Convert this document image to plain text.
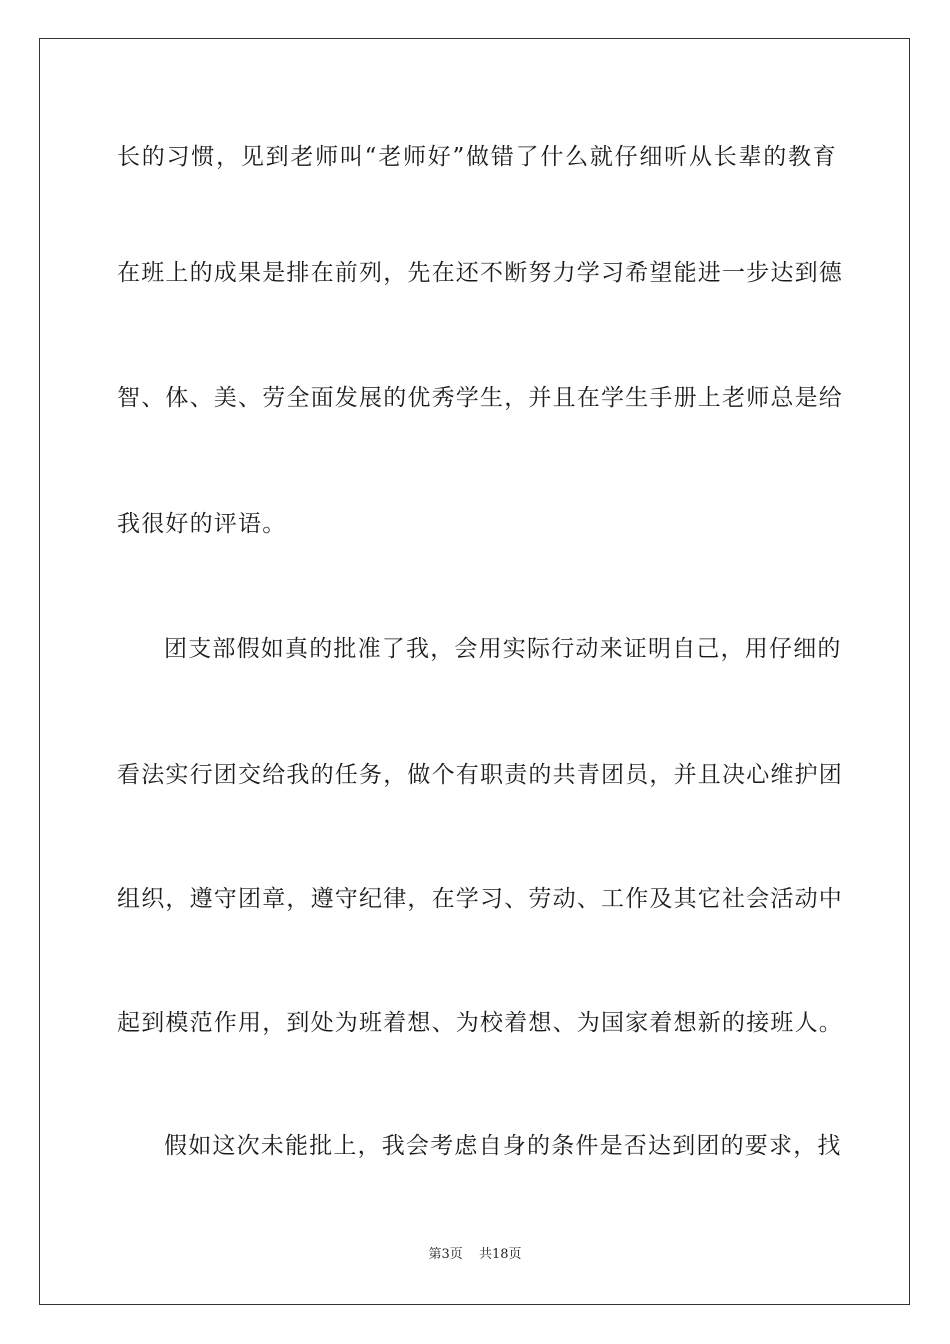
长的习惯，见到老师叫“老师好”做错了什么就仔细听从长辈的教育
在班上的成果是排在前列，先在还不断努力学习希望能进一步达到德
智、体、美、劳全面发展的优秀学生，并且在学生手册上老师总是给
我很好的评语。
团支部假如真的批准了我，会用实际行动来证明自己，用仔细的
看法实行团交给我的任务，做个有职责的共青团员，并且决心维护团
组织，遵守团章，遵守纪律，在学习、劳动、工作及其它社会活动中
起到模范作用，到处为班着想、为校着想、为国家着想新的接班人。
假如这次未能批上，我会考虑自身的条件是否达到团的要求，找
第3页 共18页
